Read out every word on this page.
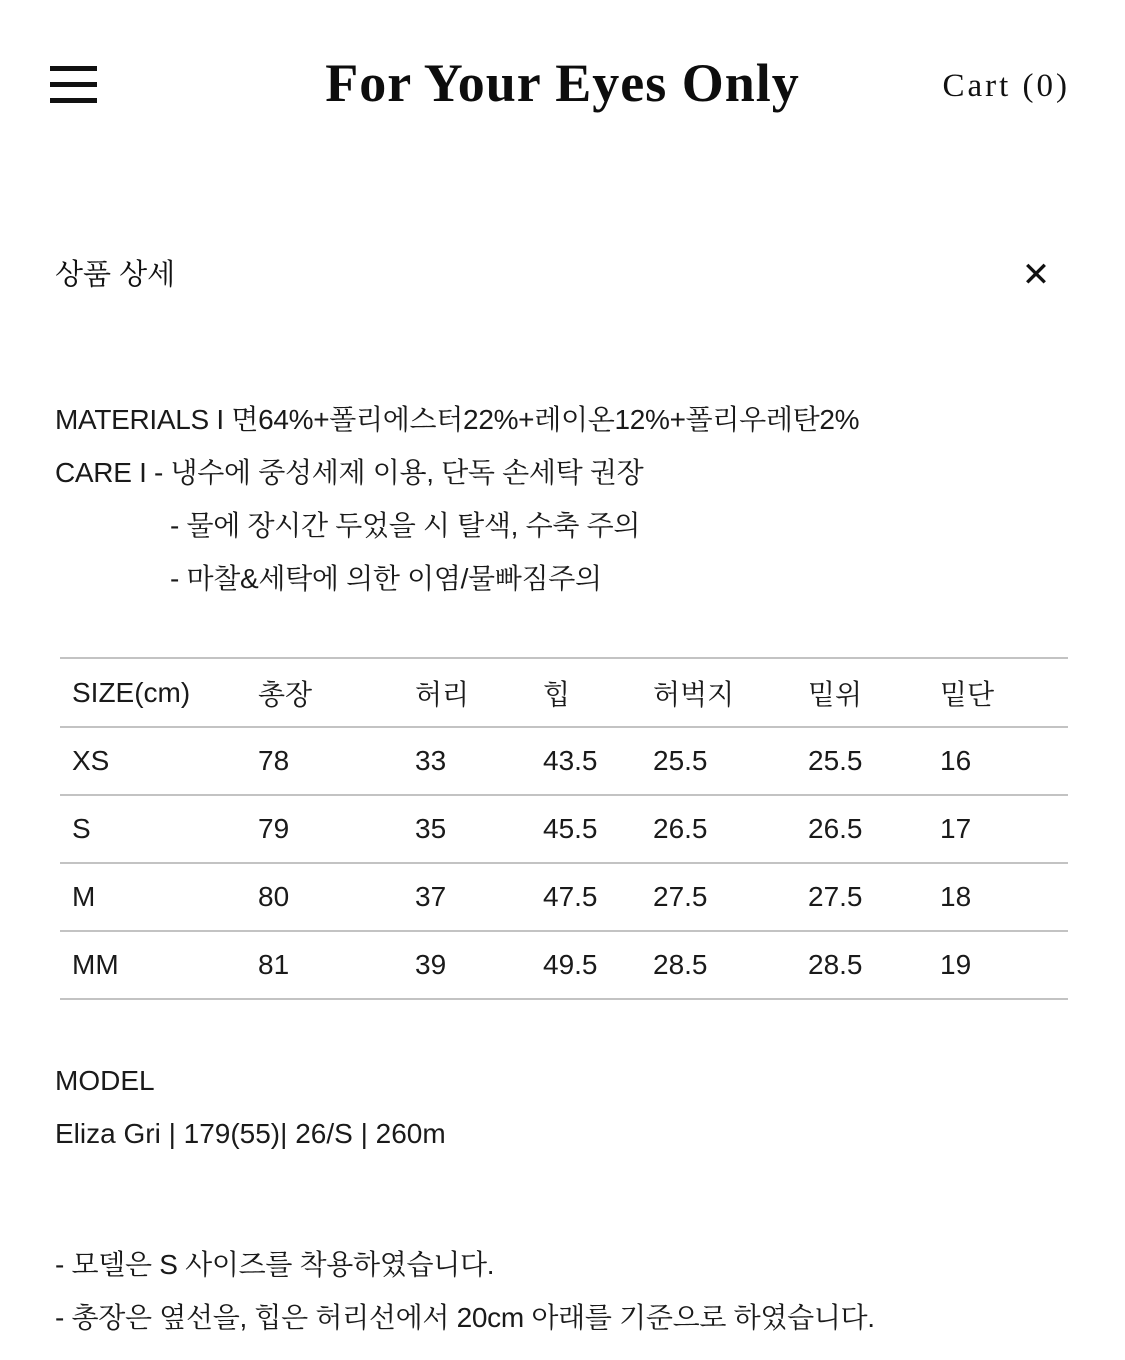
For Your Eyes Only	Cart (0)
상품 상세	✕
MATERIALS I 면64%+폴리에스터22%+레이온12%+폴리우레탄2%
CARE I - 냉수에 중성세제 이용, 단독 손세탁 권장
- 물에 장시간 두었을 시 탈색, 수축 주의
- 마찰&세탁에 의한 이염/물빠짐주의
SIZE(cm)	총장	허리	힙	허벅지	밑위	밑단
XS	78	33	43.5	25.5	25.5	16
S	79	35	45.5	26.5	26.5	17
M	80	37	47.5	27.5	27.5	18
MM	81	39	49.5	28.5	28.5	19
MODEL
Eliza Gri | 179(55)| 26/S | 260m
- 모델은 S 사이즈를 착용하였습니다.
- 총장은 옆선을, 힙은 허리선에서 20cm 아래를 기준으로 하였습니다.
